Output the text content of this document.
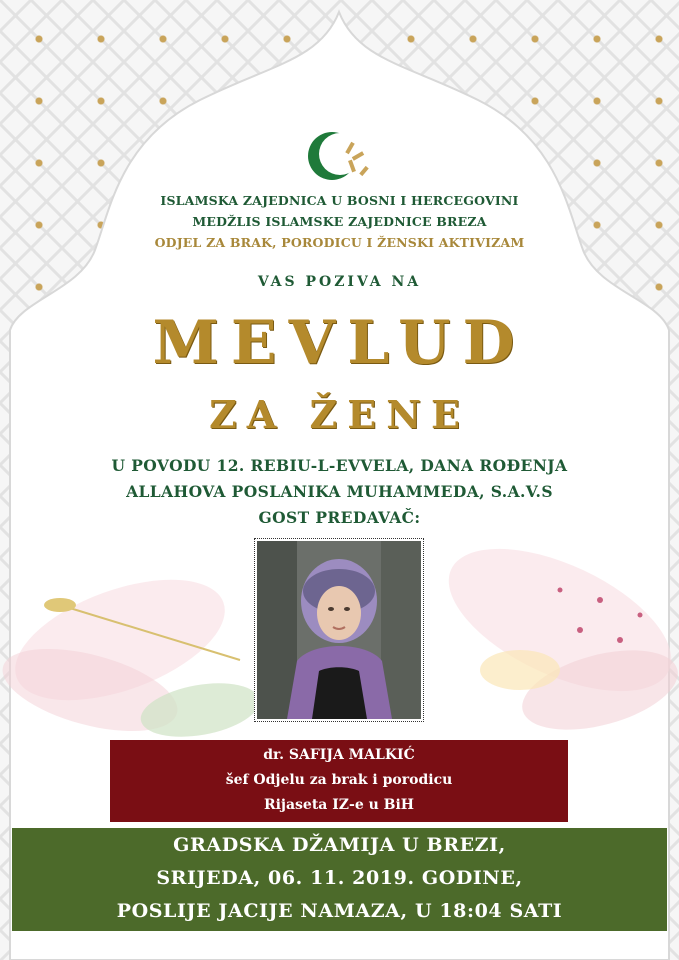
ISLAMSKA ZAJEDNICA U BOSNI I HERCEGOVINI
MEDŽLIS ISLAMSKE ZAJEDNICE BREZA
ODJEL ZA BRAK, PORODICU I ŽENSKI AKTIVIZAM
VAS POZIVA NA
MEVLUD
ZA ŽENE
U POVODU 12. REBIU-L-EVVELA, DANA ROĐENJA
ALLAHOVA POSLANIKA MUHAMMEDA, S.A.V.S
GOST PREDAVAČ:
dr. SAFIJA MALKIĆ
šef Odjelu za brak i porodicu
Rijaseta IZ-e u BiH
GRADSKA DŽAMIJA U BREZI,
SRIJEDA, 06. 11. 2019. GODINE,
POSLIJE JACIJE NAMAZA, U 18:04 SATI
